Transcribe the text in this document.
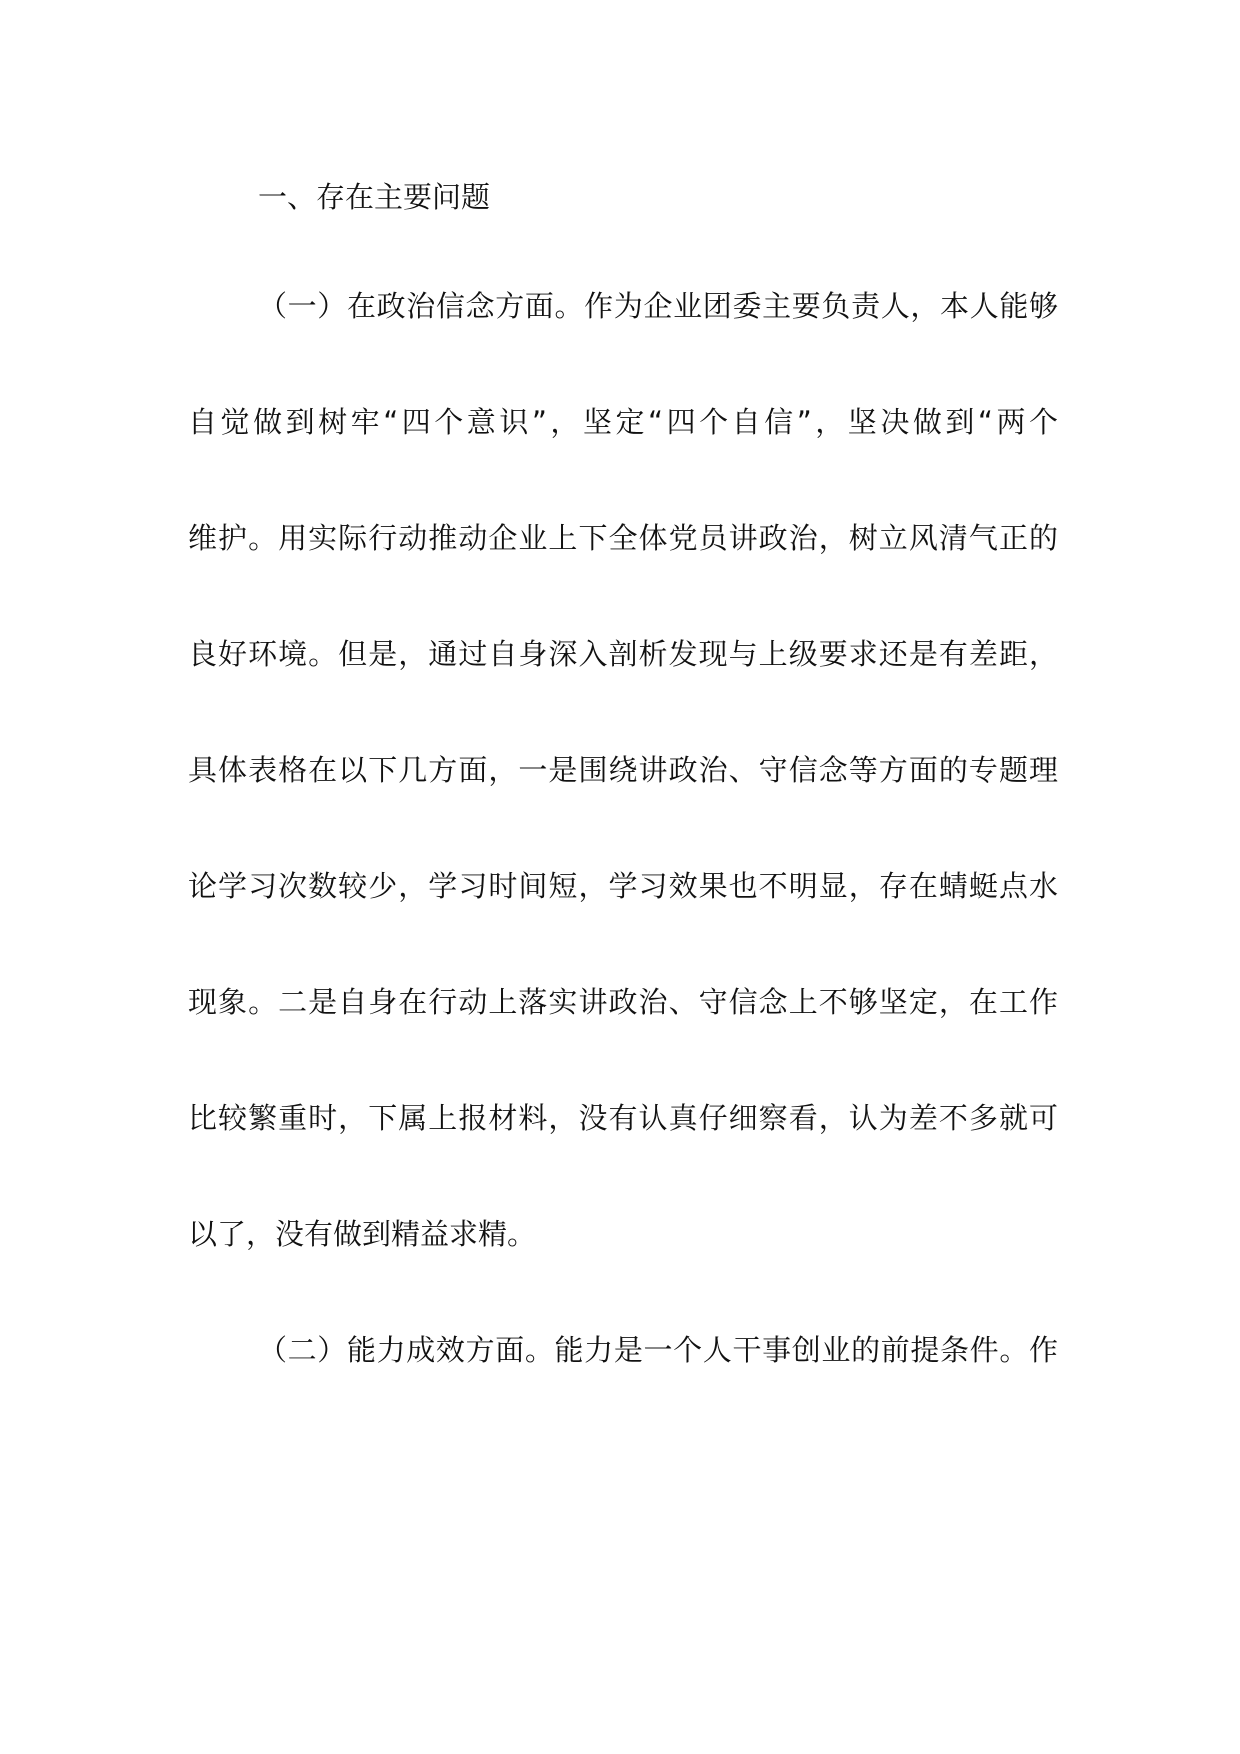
一、存在主要问题
（一）在政治信念方面。作为企业团委主要负责人，本人能够
自觉做到树牢“四个意识”，坚定“四个自信”，坚决做到“两个
维护。用实际行动推动企业上下全体党员讲政治，树立风清气正的
良好环境。但是，通过自身深入剖析发现与上级要求还是有差距，
具体表格在以下几方面，一是围绕讲政治、守信念等方面的专题理
论学习次数较少，学习时间短，学习效果也不明显，存在蜻蜓点水
现象。二是自身在行动上落实讲政治、守信念上不够坚定，在工作
比较繁重时，下属上报材料，没有认真仔细察看，认为差不多就可
以了，没有做到精益求精。
（二）能力成效方面。能力是一个人干事创业的前提条件。作
